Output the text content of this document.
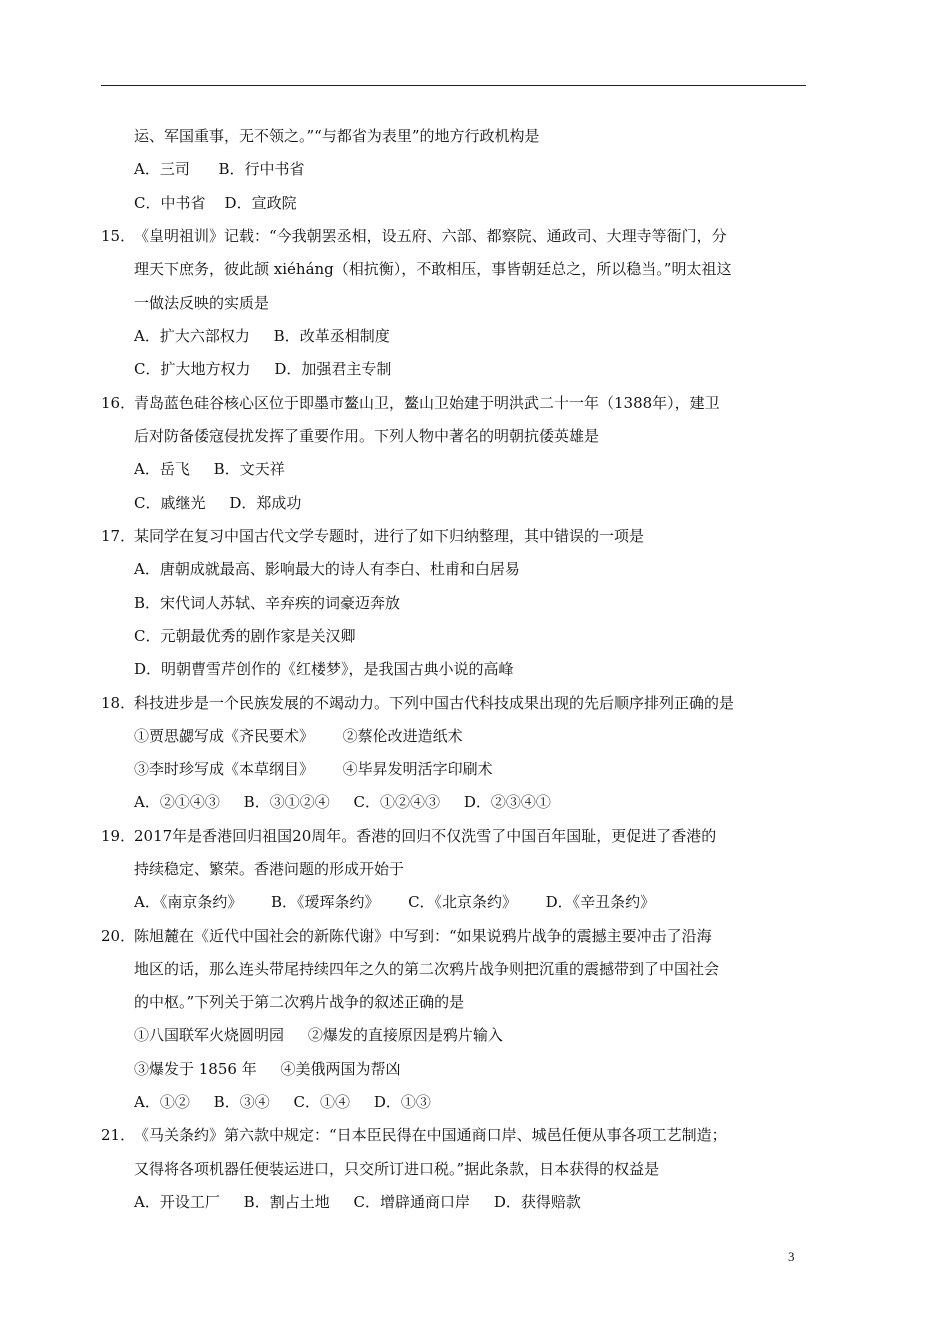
运、军国重事，无不领之。”“与都省为表里”的地方行政机构是
A．三司      B．行中书省
C．中书省    D．宣政院
《皇明祖训》记载：“今我朝罢丞相，设五府、六部、都察院、通政司、大理寺等衙门，分
15．
理天下庶务，彼此颉 xiéháng（相抗衡），不敢相压，事皆朝廷总之，所以稳当。”明太祖这
一做法反映的实质是
A．扩大六部权力     B．改革丞相制度
C．扩大地方权力     D．加强君主专制
青岛蓝色硅谷核心区位于即墨市鳌山卫，鳌山卫始建于明洪武二十一年（1388年），建卫
16．
后对防备倭寇侵扰发挥了重要作用。下列人物中著名的明朝抗倭英雄是
A．岳飞     B．文天祥
C．戚继光     D．郑成功
某同学在复习中国古代文学专题时，进行了如下归纳整理，其中错误的一项是
17．
A．唐朝成就最高、影响最大的诗人有李白、杜甫和白居易
B．宋代词人苏轼、辛弃疾的词豪迈奔放
C．元朝最优秀的剧作家是关汉卿
D．明朝曹雪芹创作的《红楼梦》，是我国古典小说的高峰
科技进步是一个民族发展的不竭动力。下列中国古代科技成果出现的先后顺序排列正确的是
18．
①贾思勰写成《齐民要术》      ②蔡伦改进造纸术
③李时珍写成《本草纲目》      ④毕昇发明活字印刷术
A．②①④③     B．③①②④     C．①②④③     D．②③④①
2017年是香港回归祖国20周年。香港的回归不仅洗雪了中国百年国耻，更促进了香港的
19．
持续稳定、繁荣。香港问题的形成开始于
A．《南京条约》      B．《瑷珲条约》      C．《北京条约》      D．《辛丑条约》
陈旭麓在《近代中国社会的新陈代谢》中写到：“如果说鸦片战争的震撼主要冲击了沿海
20．
地区的话，那么连头带尾持续四年之久的第二次鸦片战争则把沉重的震撼带到了中国社会
的中枢。”下列关于第二次鸦片战争的叙述正确的是
①八国联军火烧圆明园     ②爆发的直接原因是鸦片输入
③爆发于 1856 年     ④美俄两国为帮凶
A．①②     B．③④     C．①④     D．①③
《马关条约》第六款中规定：“日本臣民得在中国通商口岸、城邑任便从事各项工艺制造；
21．
又得将各项机器任便装运进口，只交所订进口税。”据此条款，日本获得的权益是
A．开设工厂     B．割占土地     C．增辟通商口岸     D．获得赔款
3
